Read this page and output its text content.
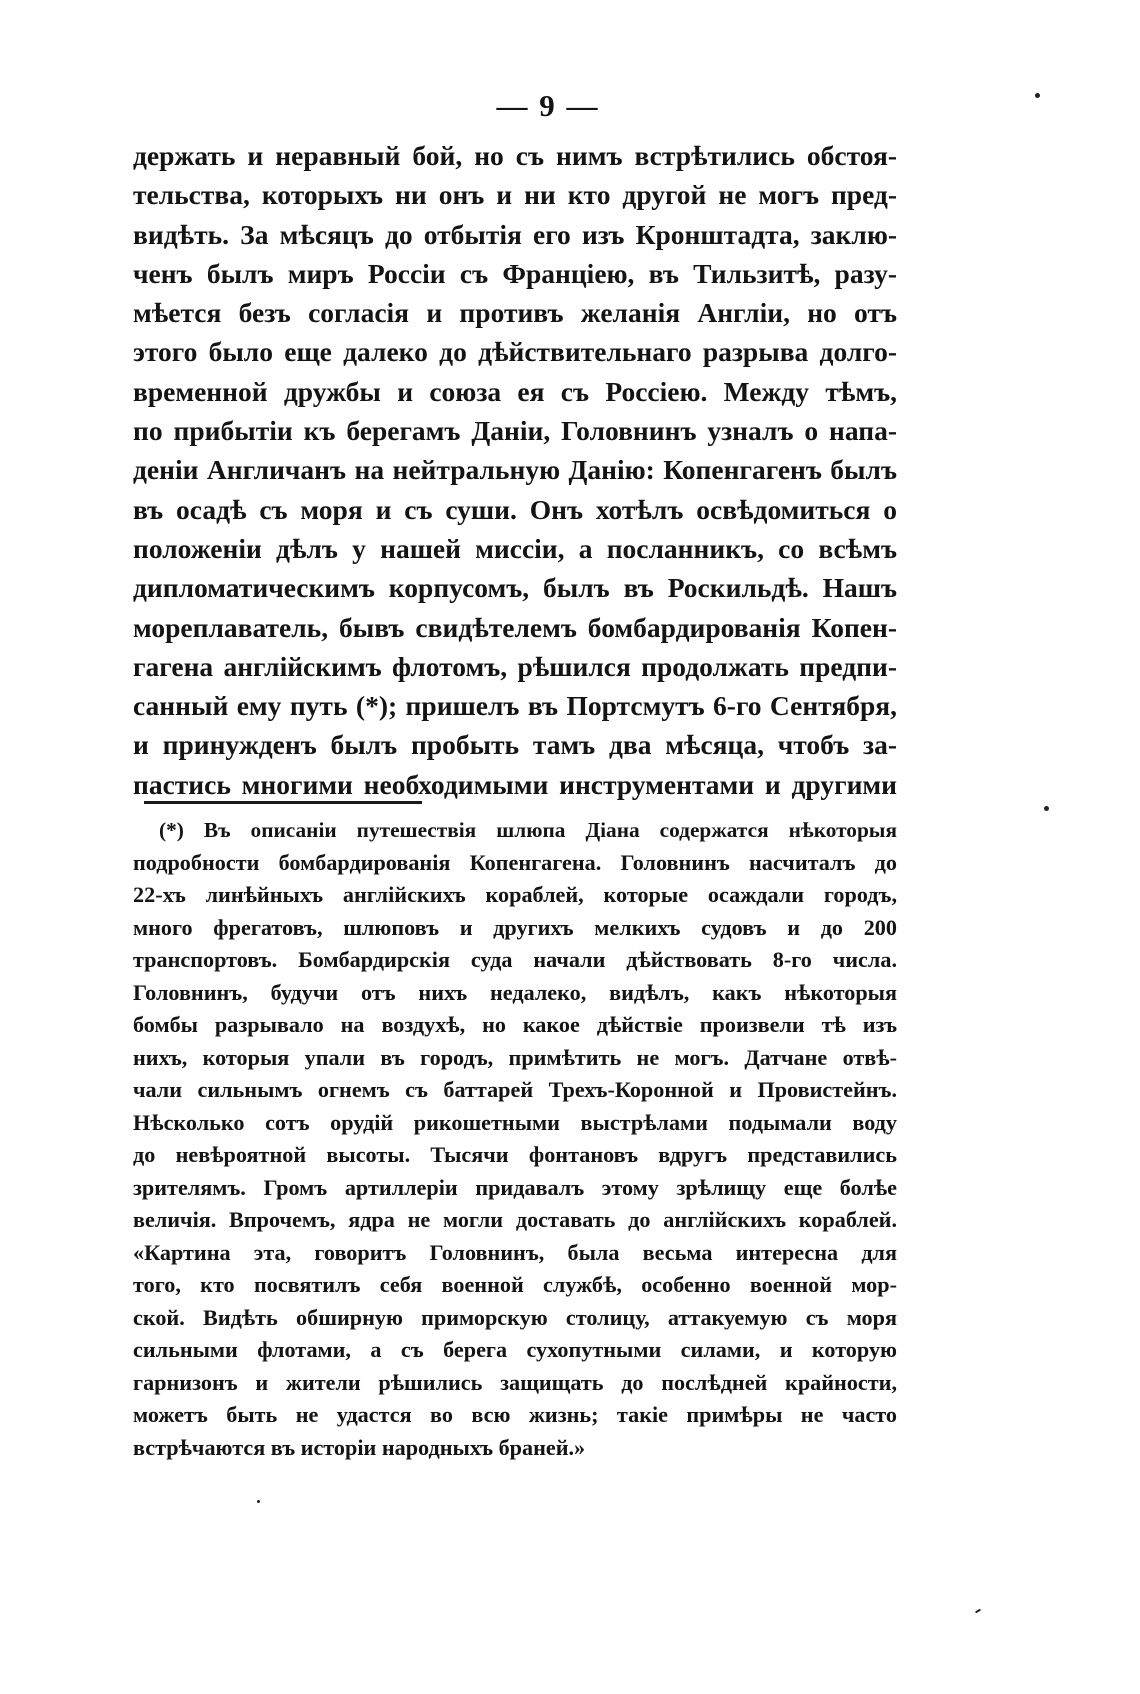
— 9 —
держать и неравный бой, но съ нимъ встрѣтились обстоя-
тельства, которыхъ ни онъ и ни кто другой не могъ пред-
видѣть. За мѣсяцъ до отбытія его изъ Кронштадта, заклю-
ченъ былъ миръ Россіи съ Франціею, въ Тильзитѣ, разу-
мѣется безъ согласія и противъ желанія Англіи, но отъ
этого было еще далеко до дѣйствительнаго разрыва долго-
временной дружбы и союза ея съ Россіею. Между тѣмъ,
по прибытіи къ берегамъ Даніи, Головнинъ узналъ о напа-
деніи Англичанъ на нейтральную Данію: Копенгагенъ былъ
въ осадѣ съ моря и съ суши. Онъ хотѣлъ освѣдомиться о
положеніи дѣлъ у нашей миссіи, а посланникъ, со всѣмъ
дипломатическимъ корпусомъ, былъ въ Роскильдѣ. Нашъ
мореплаватель, бывъ свидѣтелемъ бомбардированія Копен-
гагена англійскимъ флотомъ, рѣшился продолжать предпи-
санный ему путь (*); пришелъ въ Портсмутъ 6-го Сентября,
и принужденъ былъ пробыть тамъ два мѣсяца, чтобъ за-
пастись многими необходимыми инструментами и другими
(*) Въ описаніи путешествія шлюпа Діана содержатся нѣкоторыя
подробности бомбардированія Копенгагена. Головнинъ насчиталъ до
22-хъ линѣйныхъ англійскихъ кораблей, которые осаждали городъ,
много фрегатовъ, шлюповъ и другихъ мелкихъ судовъ и до 200
транспортовъ. Бомбардирскія суда начали дѣйствовать 8-го числа.
Головнинъ, будучи отъ нихъ недалеко, видѣлъ, какъ нѣкоторыя
бомбы разрывало на воздухѣ, но какое дѣйствіе произвели тѣ изъ
нихъ, которыя упали въ городъ, примѣтить не могъ. Датчане отвѣ-
чали сильнымъ огнемъ съ баттарей Трехъ-Коронной и Провистейнъ.
Нѣсколько сотъ орудій рикошетными выстрѣлами подымали воду
до невѣроятной высоты. Тысячи фонтановъ вдругъ представились
зрителямъ. Громъ артиллеріи придавалъ этому зрѣлищу еще болѣе
величія. Впрочемъ, ядра не могли доставать до англійскихъ кораблей.
«Картина эта, говоритъ Головнинъ, была весьма интересна для
того, кто посвятилъ себя военной службѣ, особенно военной мор-
ской. Видѣть обширную приморскую столицу, аттакуемую съ моря
сильными флотами, а съ берега сухопутными силами, и которую
гарнизонъ и жители рѣшились защищать до послѣдней крайности,
можетъ быть не удастся во всю жизнь; такіе примѣры не часто
встрѣчаются въ исторіи народныхъ браней.»
